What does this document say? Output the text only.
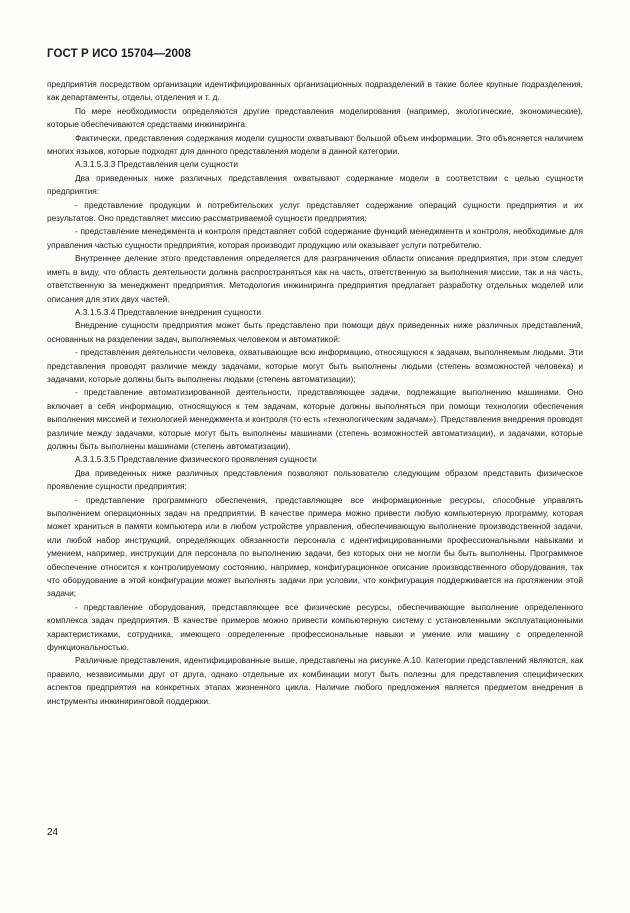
ГОСТ Р ИСО 15704—2008

предприятия посредством организации идентифицированных организационных подразделений в такие более крупные подразделения, как департаменты, отделы, отделения и т. д.

По мере необходимости определяются другие представления моделирования (например, экологические, экономические), которые обеспечиваются средствами инжиниринга.

Фактически, представления содержания модели сущности охватывают большой объем информации. Это объясняется наличием многих языков, которые подходят для данного представления модели в данной категории.

А.3.1.5.3.3 Представления цели сущности

Два приведенных ниже различных представления охватывают содержание модели в соответствии с целью сущности предприятия:

- представление продукции и потребительских услуг представляет содержание операций сущности предприятия и их результатов. Оно представляет миссию рассматриваемой сущности предприятия;

- представление менеджмента и контроля представляет собой содержание функций менеджмента и контроля, необходимые для управления частью сущности предприятия, которая производит продукцию или оказывает услуги потребителю.

Внутреннее деление этого представления определяется для разграничения области описания предприятия, при этом следует иметь в виду, что область деятельности должна распространяться как на часть, ответственную за выполнения миссии, так и на часть, ответственную за менеджмент предприятия. Методология инжиниринга предприятия предлагает разработку отдельных моделей или описания для этих двух частей.

А.3.1.5.3.4 Представление внедрения сущности

Внедрение сущности предприятия может быть представлено при помощи двух приведенных ниже различных представлений, основанных на разделении задач, выполняемых человеком и автоматикой:

- представления деятельности человека, охватывающие всю информацию, относящуюся к задачам, выполняемым людьми. Эти представления проводят различие между задачами, которые могут быть выполнены людьми (степень возможностей человека) и задачами, которые должны быть выполнены людьми (степень автоматизации);

- представление автоматизированной деятельности, представляющее задачи, подлежащие выполнению машинами. Оно включает в себя информацию, относящуюся к тем задачам, которые должны выполняться при помощи технологии обеспечения выполнения миссией и технологией менеджмента и контроля (то есть «технологическим задачам»). Представления внедрения проводят различие между задачами, которые могут быть выполнены машинами (степень возможностей автоматизации), и задачами, которые должны быть выполнены машинами (степень автоматизации).

А.3.1.5.3.5 Представление физического проявления сущности

Два приведенных ниже различных представления позволяют пользователю следующим образом представить физическое проявление сущности предприятия:

- представление программного обеспечения, представляющее все информационные ресурсы, способные управлять выполнением операционных задач на предприятии. В качестве примера можно привести любую компьютерную программу, которая может храниться в памяти компьютера или в любом устройстве управления, обеспечивающую выполнение производственной задачи, или любой набор инструкций, определяющих обязанности персонала с идентифицированными профессиональными навыками и умением, например, инструкции для персонала по выполнению задачи, без которых они не могли бы быть выполнены. Программное обеспечение относится к контролируемому состоянию, например, конфигурационное описание производственного оборудования, так что оборудование в этой конфигурации может выполнять задачи при условии, что конфигурация поддерживается на протяжении этой задачи;

- представление оборудования, представляющее все физические ресурсы, обеспечивающие выполнение определенного комплекса задач предприятия. В качестве примеров можно привести компьютерную систему с установленными эксплуатационными характеристиками, сотрудника, имеющего определенные профессиональные навыки и умение или машину с определенной функциональностью.

Различные представления, идентифицированные выше, представлены на рисунке А.10. Категории представлений являются, как правило, независимыми друг от друга, однако отдельные их комбинации могут быть полезны для представления специфических аспектов предприятия на конкретных этапах жизненного цикла. Наличие любого предложения является предметом внедрения в инструменты инжиниринговой поддержки.

24
